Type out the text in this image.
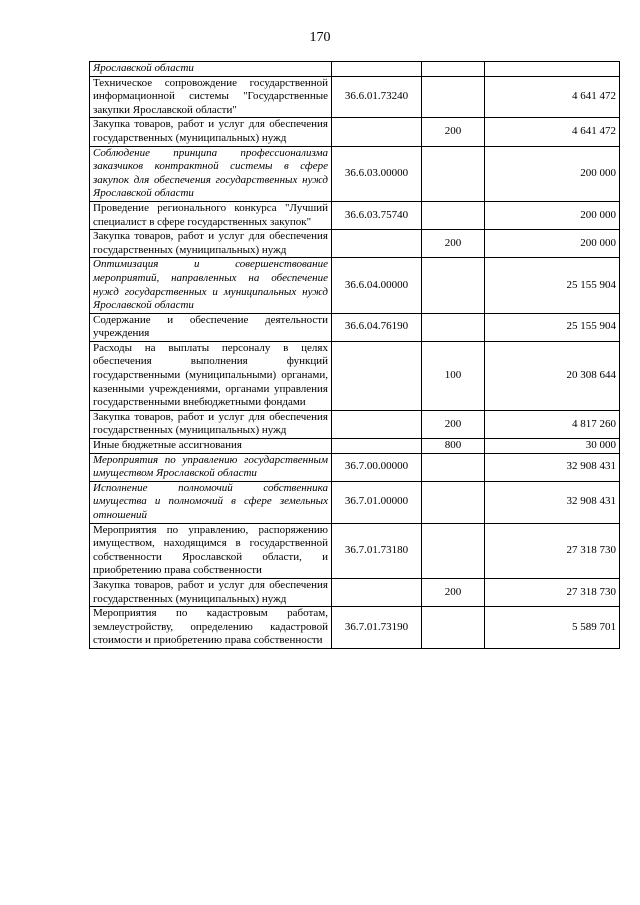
170
Ярославской области			
Техническое сопровождение государственной информационной системы "Государственные закупки Ярославской области"	36.6.01.73240		4 641 472
Закупка товаров, работ и услуг для обеспечения государственных (муниципальных) нужд		200	4 641 472
Соблюдение принципа профессионализма заказчиков контрактной системы в сфере закупок для обеспечения государственных нужд Ярославской области	36.6.03.00000		200 000
Проведение регионального конкурса "Лучший специалист в сфере государственных закупок"	36.6.03.75740		200 000
Закупка товаров, работ и услуг для обеспечения государственных (муниципальных) нужд		200	200 000
Оптимизация и совершенствование мероприятий, направленных на обеспечение нужд государственных и муниципальных нужд Ярославской области	36.6.04.00000		25 155 904
Содержание и обеспечение деятельности учреждения	36.6.04.76190		25 155 904
Расходы на выплаты персоналу в целях обеспечения выполнения функций государственными (муниципальными) органами, казенными учреждениями, органами управления государственными внебюджетными фондами		100	20 308 644
Закупка товаров, работ и услуг для обеспечения государственных (муниципальных) нужд		200	4 817 260
Иные бюджетные ассигнования		800	30 000
Мероприятия по управлению государственным имуществом Ярославской области	36.7.00.00000		32 908 431
Исполнение полномочий собственника имущества и полномочий в сфере земельных отношений	36.7.01.00000		32 908 431
Мероприятия по управлению, распоряжению имуществом, находящимся в государственной собственности Ярославской области, и приобретению права собственности	36.7.01.73180		27 318 730
Закупка товаров, работ и услуг для обеспечения государственных (муниципальных) нужд		200	27 318 730
Мероприятия по кадастровым работам, землеустройству, определению кадастровой стоимости и приобретению права собственности	36.7.01.73190		5 589 701
